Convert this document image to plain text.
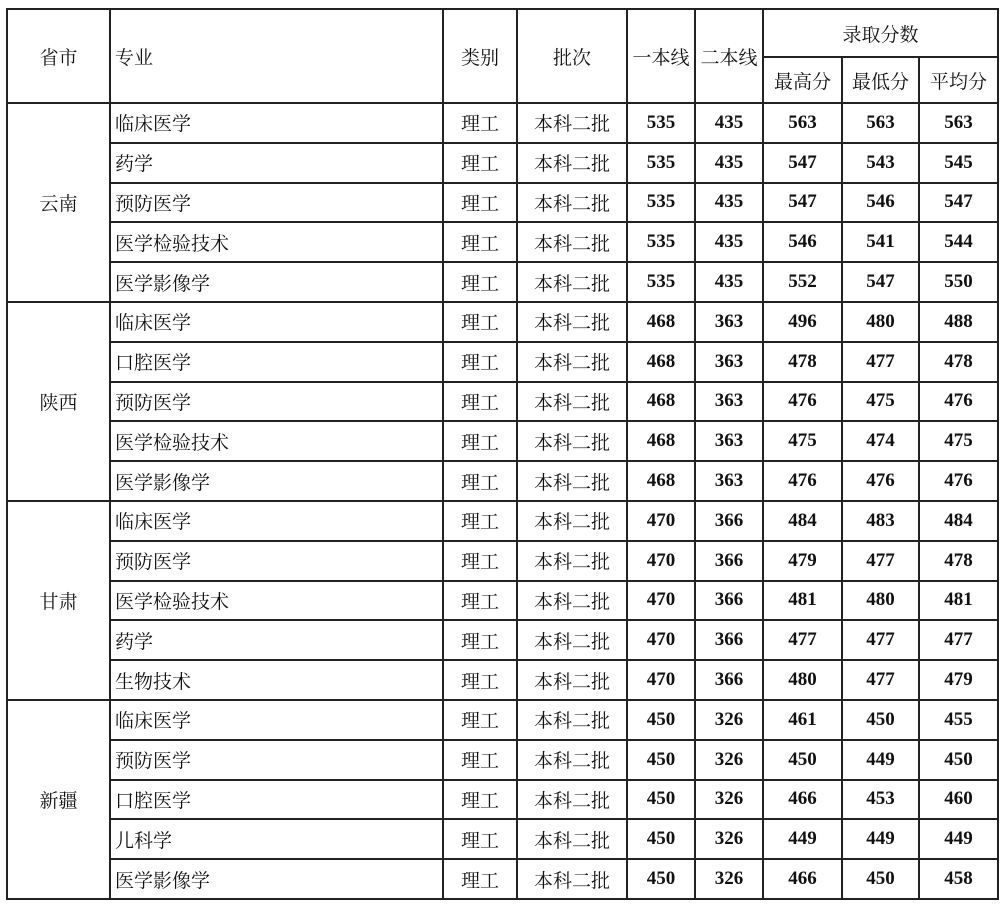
省市	专业	类别	批次	一本线	二本线	录取分数		
						最高分	最低分	平均分
云南	临床医学	理工	本科二批	535	435	563	563	563
	药学	理工	本科二批	535	435	547	543	545
	预防医学	理工	本科二批	535	435	547	546	547
	医学检验技术	理工	本科二批	535	435	546	541	544
	医学影像学	理工	本科二批	535	435	552	547	550
陕西	临床医学	理工	本科二批	468	363	496	480	488
	口腔医学	理工	本科二批	468	363	478	477	478
	预防医学	理工	本科二批	468	363	476	475	476
	医学检验技术	理工	本科二批	468	363	475	474	475
	医学影像学	理工	本科二批	468	363	476	476	476
甘肃	临床医学	理工	本科二批	470	366	484	483	484
	预防医学	理工	本科二批	470	366	479	477	478
	医学检验技术	理工	本科二批	470	366	481	480	481
	药学	理工	本科二批	470	366	477	477	477
	生物技术	理工	本科二批	470	366	480	477	479
新疆	临床医学	理工	本科二批	450	326	461	450	455
	预防医学	理工	本科二批	450	326	450	449	450
	口腔医学	理工	本科二批	450	326	466	453	460
	儿科学	理工	本科二批	450	326	449	449	449
	医学影像学	理工	本科二批	450	326	466	450	458
